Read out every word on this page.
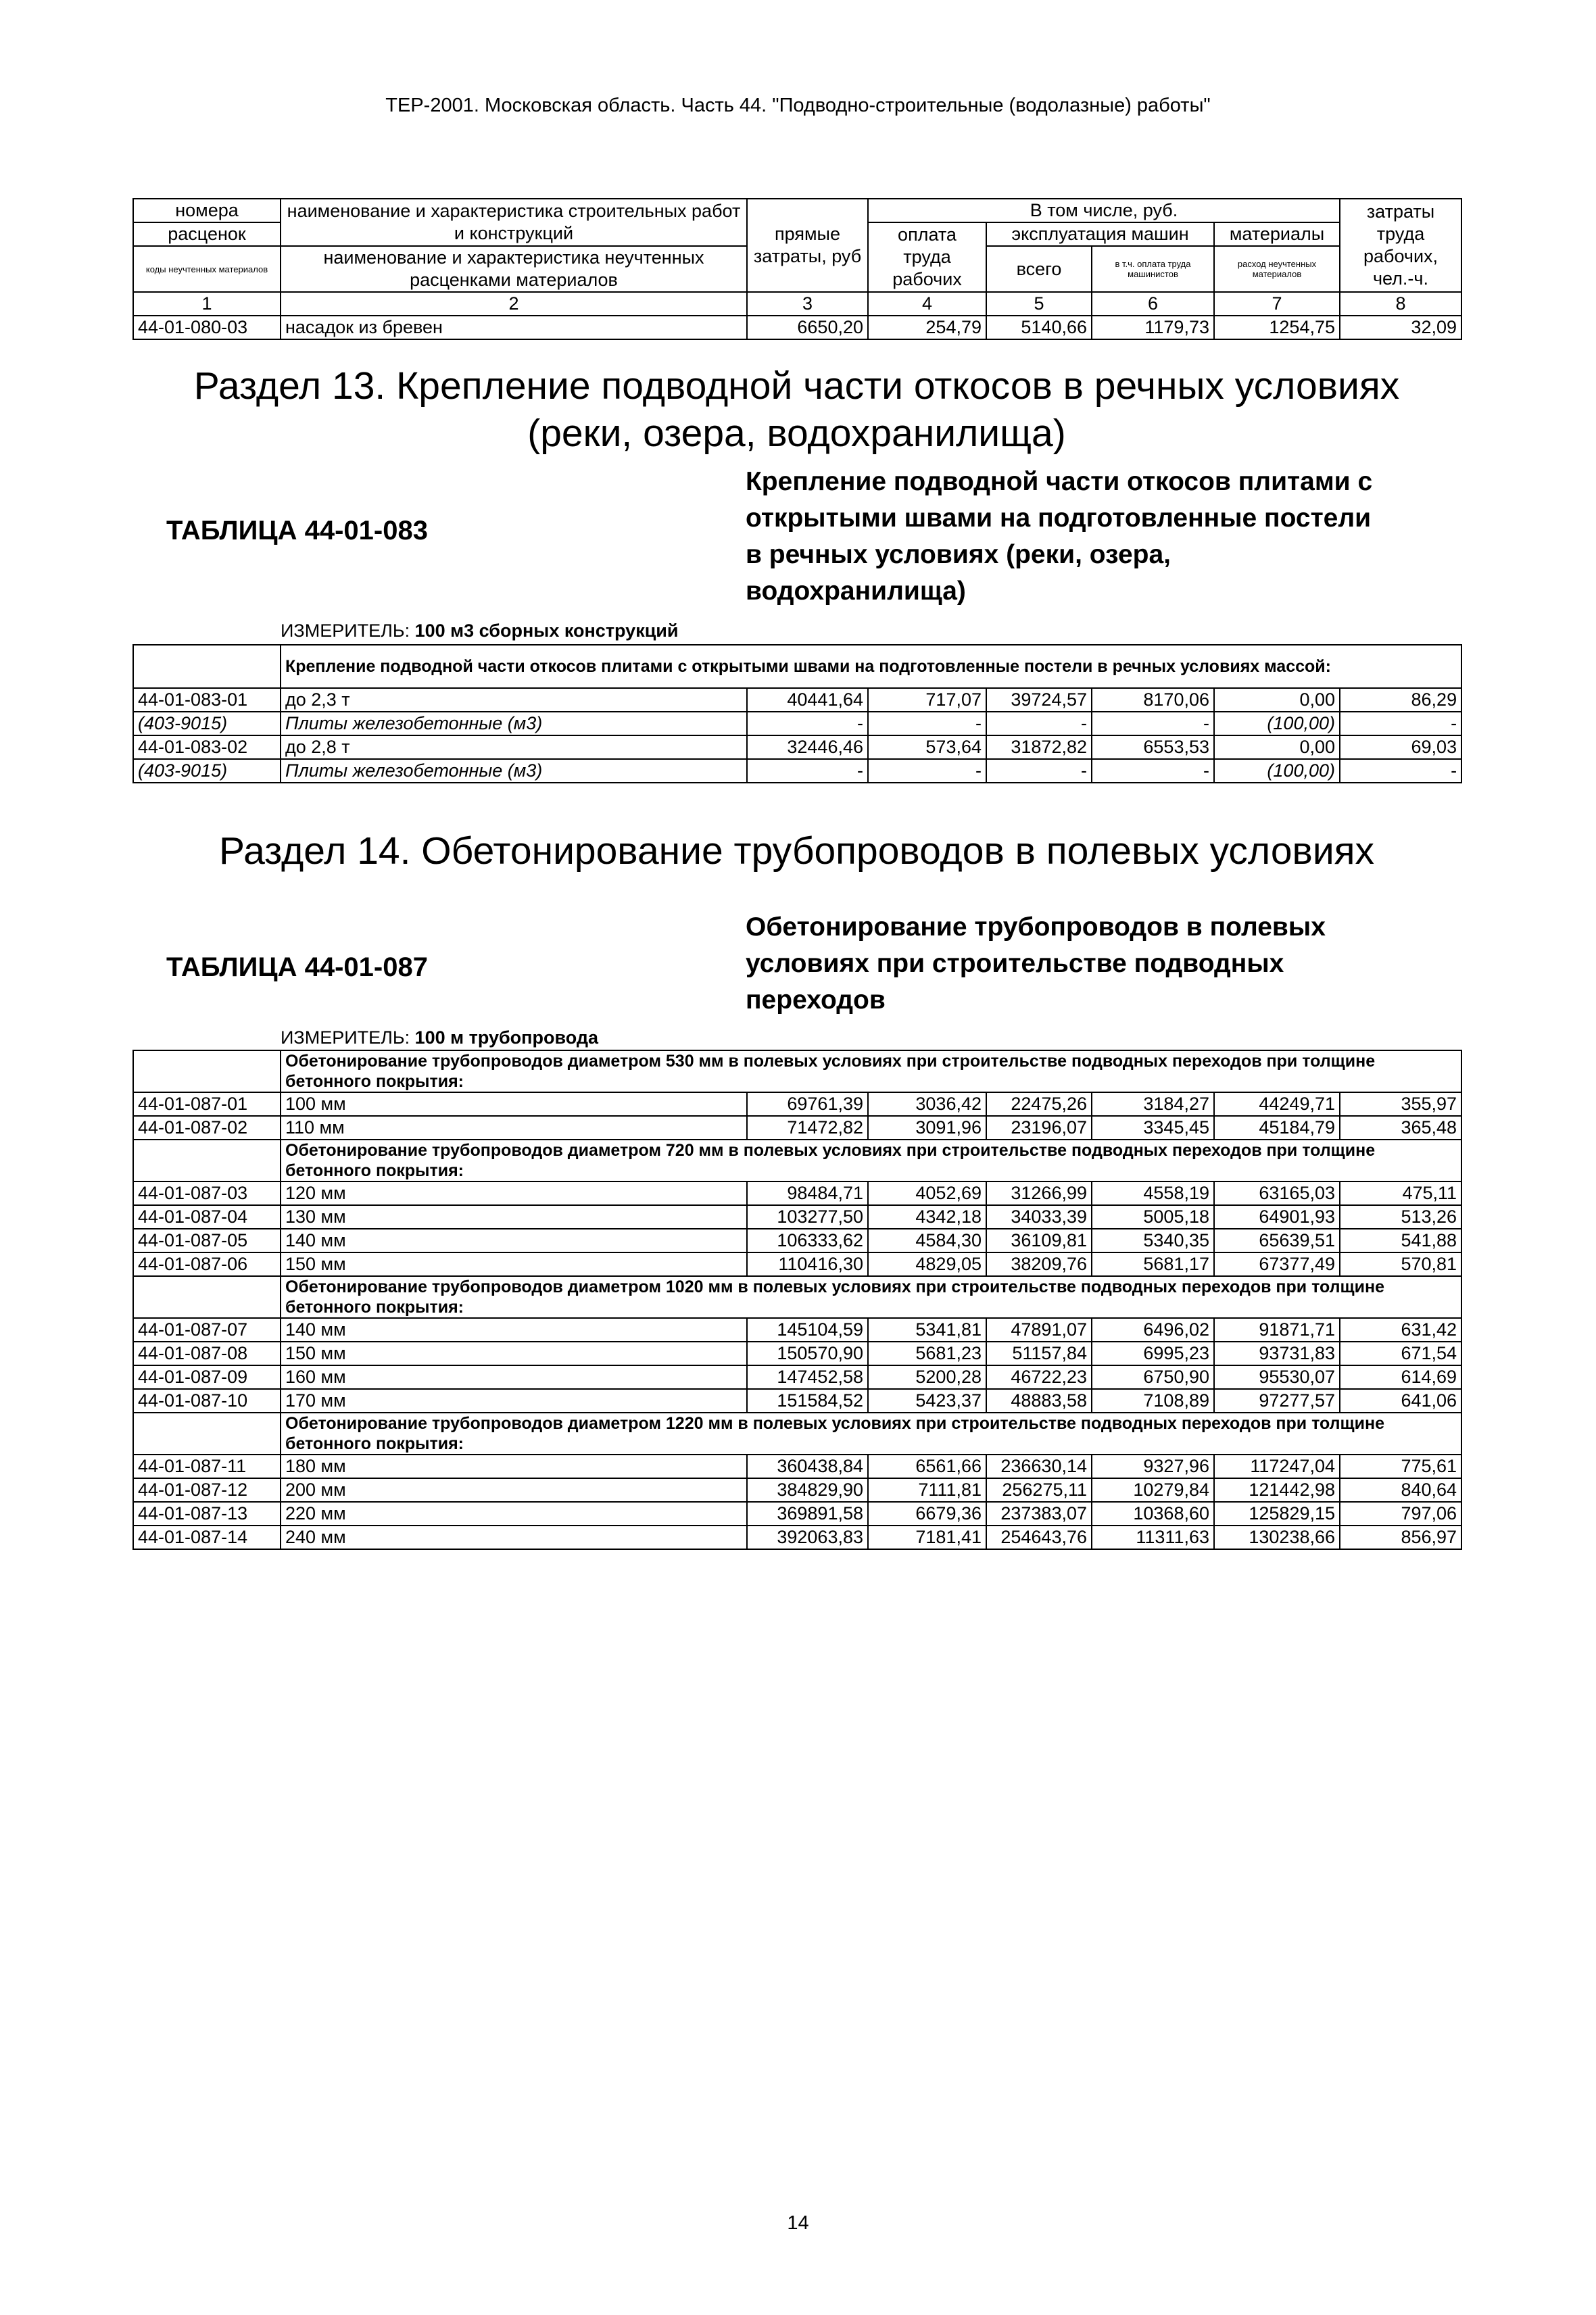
ТЕР-2001. Московская область. Часть 44. "Подводно-строительные (водолазные) работы"
номера	наименование и характеристика строительных работ и конструкций	прямые затраты, руб	В том числе, руб.				затраты труда рабочих, чел.-ч.
расценок			оплата труда рабочих	эксплуатация машин		материалы	
коды неучтенных материалов	наименование и характеристика неучтенных расценками материалов			всего	в т.ч. оплата труда машинистов	расход неучтенных материалов	

1	2	3	4	5	6	7	8
44-01-080-03	насадок из бревен	6650,20	254,79	5140,66	1179,73	1254,75	32,09
Раздел 13. Крепление подводной части откосов в речных условиях
(реки, озера, водохранилища)
ТАБЛИЦА 44-01-083
Крепление подводной части откосов плитами с
открытыми швами на подготовленные постели
в речных условиях (реки, озера,
водохранилища)
ИЗМЕРИТЕЛЬ: 100 м3 сборных конструкций
	Крепление подводной части откосов плитами с открытыми швами на подготовленные постели в речных условиях массой:						
44-01-083-01	до 2,3 т	40441,64	717,07	39724,57	8170,06	0,00	86,29
(403-9015)	Плиты железобетонные (м3)	-	-	-	-	(100,00)	-
44-01-083-02	до 2,8 т	32446,46	573,64	31872,82	6553,53	0,00	69,03
(403-9015)	Плиты железобетонные (м3)	-	-	-	-	(100,00)	-
Раздел 14. Обетонирование трубопроводов в полевых условиях
ТАБЛИЦА 44-01-087
Обетонирование трубопроводов в полевых
условиях при строительстве подводных
переходов
ИЗМЕРИТЕЛЬ: 100 м трубопровода
	Обетонирование трубопроводов диаметром 530 мм в полевых условиях при строительстве подводных переходов при толщине бетонного покрытия:						
44-01-087-01	100 мм	69761,39	3036,42	22475,26	3184,27	44249,71	355,97
44-01-087-02	110 мм	71472,82	3091,96	23196,07	3345,45	45184,79	365,48
	Обетонирование трубопроводов диаметром 720 мм в полевых условиях при строительстве подводных переходов при толщине бетонного покрытия:						
44-01-087-03	120 мм	98484,71	4052,69	31266,99	4558,19	63165,03	475,11
44-01-087-04	130 мм	103277,50	4342,18	34033,39	5005,18	64901,93	513,26
44-01-087-05	140 мм	106333,62	4584,30	36109,81	5340,35	65639,51	541,88
44-01-087-06	150 мм	110416,30	4829,05	38209,76	5681,17	67377,49	570,81
	Обетонирование трубопроводов диаметром 1020 мм в полевых условиях при строительстве подводных переходов при толщине бетонного покрытия:						
44-01-087-07	140 мм	145104,59	5341,81	47891,07	6496,02	91871,71	631,42
44-01-087-08	150 мм	150570,90	5681,23	51157,84	6995,23	93731,83	671,54
44-01-087-09	160 мм	147452,58	5200,28	46722,23	6750,90	95530,07	614,69
44-01-087-10	170 мм	151584,52	5423,37	48883,58	7108,89	97277,57	641,06
	Обетонирование трубопроводов диаметром 1220 мм в полевых условиях при строительстве подводных переходов при толщине бетонного покрытия:						
44-01-087-11	180 мм	360438,84	6561,66	236630,14	9327,96	117247,04	775,61
44-01-087-12	200 мм	384829,90	7111,81	256275,11	10279,84	121442,98	840,64
44-01-087-13	220 мм	369891,58	6679,36	237383,07	10368,60	125829,15	797,06
44-01-087-14	240 мм	392063,83	7181,41	254643,76	11311,63	130238,66	856,97
14
